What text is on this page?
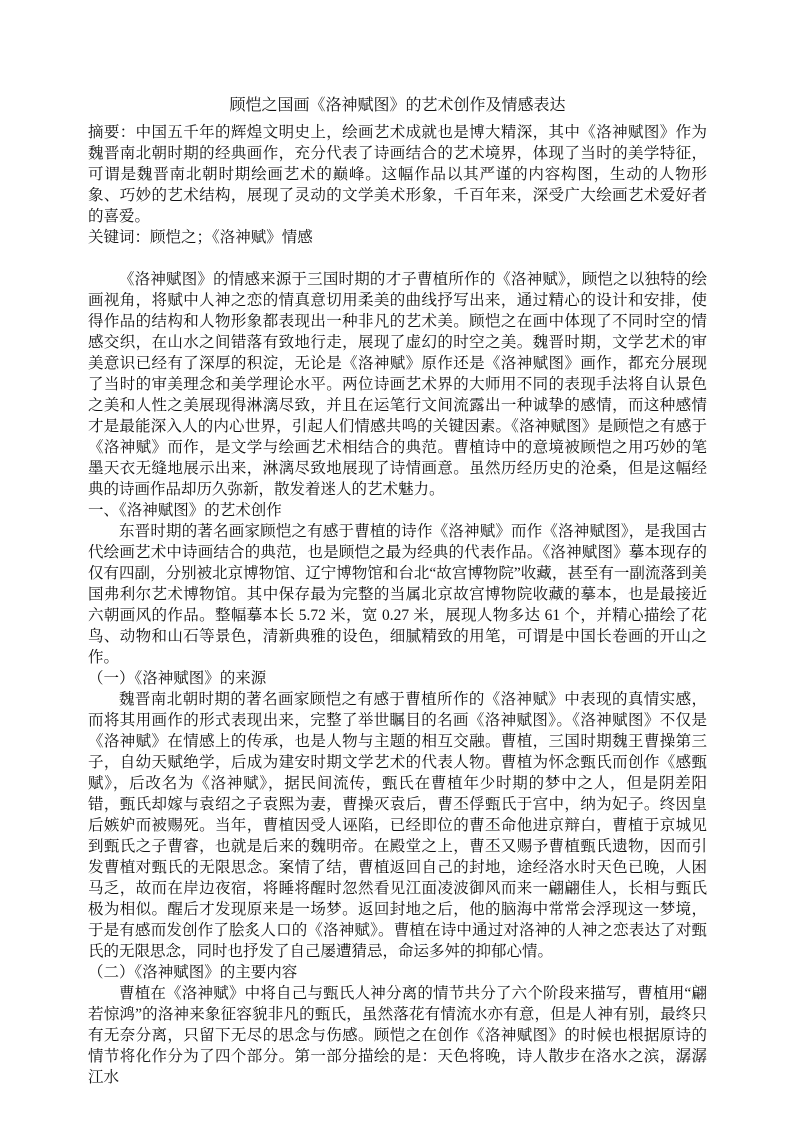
顾恺之国画《洛神赋图》的艺术创作及情感表达

摘要：中国五千年的辉煌文明史上，绘画艺术成就也是博大精深，其中《洛神赋图》作为魏晋南北朝时期的经典画作，充分代表了诗画结合的艺术境界，体现了当时的美学特征，可谓是魏晋南北朝时期绘画艺术的巅峰。这幅作品以其严谨的内容构图，生动的人物形象、巧妙的艺术结构，展现了灵动的文学美术形象，千百年来，深受广大绘画艺术爱好者的喜爱。

关键词：顾恺之；《洛神赋》情感

《洛神赋图》的情感来源于三国时期的才子曹植所作的《洛神赋》，顾恺之以独特的绘画视角，将赋中人神之恋的情真意切用柔美的曲线抒写出来，通过精心的设计和安排，使得作品的结构和人物形象都表现出一种非凡的艺术美。顾恺之在画中体现了不同时空的情感交织，在山水之间错落有致地行走，展现了虚幻的时空之美。魏晋时期，文学艺术的审美意识已经有了深厚的积淀，无论是《洛神赋》原作还是《洛神赋图》画作，都充分展现了当时的审美理念和美学理论水平。两位诗画艺术界的大师用不同的表现手法将自认景色之美和人性之美展现得淋漓尽致，并且在运笔行文间流露出一种诚挚的感情，而这种感情才是最能深入人的内心世界，引起人们情感共鸣的关键因素。《洛神赋图》是顾恺之有感于《洛神赋》而作，是文学与绘画艺术相结合的典范。曹植诗中的意境被顾恺之用巧妙的笔墨天衣无缝地展示出来，淋漓尽致地展现了诗情画意。虽然历经历史的沧桑，但是这幅经典的诗画作品却历久弥新，散发着迷人的艺术魅力。

一、《洛神赋图》的艺术创作

东晋时期的著名画家顾恺之有感于曹植的诗作《洛神赋》而作《洛神赋图》，是我国古代绘画艺术中诗画结合的典范，也是顾恺之最为经典的代表作品。《洛神赋图》摹本现存的仅有四副，分别被北京博物馆、辽宁博物馆和台北“故宫博物院”收藏，甚至有一副流落到美国弗利尔艺术博物馆。其中保存最为完整的当属北京故宫博物院收藏的摹本，也是最接近六朝画风的作品。整幅摹本长 5.72 米，宽 0.27 米，展现人物多达 61 个，并精心描绘了花鸟、动物和山石等景色，清新典雅的设色，细腻精致的用笔，可谓是中国长卷画的开山之作。

（一）《洛神赋图》的来源

魏晋南北朝时期的著名画家顾恺之有感于曹植所作的《洛神赋》中表现的真情实感，而将其用画作的形式表现出来，完整了举世瞩目的名画《洛神赋图》。《洛神赋图》不仅是《洛神赋》在情感上的传承，也是人物与主题的相互交融。曹植，三国时期魏王曹操第三子，自幼天赋绝学，后成为建安时期文学艺术的代表人物。曹植为怀念甄氏而创作《感甄赋》，后改名为《洛神赋》，据民间流传，甄氏在曹植年少时期的梦中之人，但是阴差阳错，甄氏却嫁与袁绍之子袁熙为妻，曹操灭袁后，曹丕俘甄氏于宫中，纳为妃子。终因皇后嫉妒而被赐死。当年，曹植因受人诬陷，已经即位的曹丕命他进京辩白，曹植于京城见到甄氏之子曹睿，也就是后来的魏明帝。在殿堂之上，曹丕又赐予曹植甄氏遗物，因而引发曹植对甄氏的无限思念。案情了结，曹植返回自己的封地，途经洛水时天色已晚，人困马乏，故而在岸边夜宿，将睡将醒时忽然看见江面凌波御风而来一翩翩佳人，长相与甄氏极为相似。醒后才发现原来是一场梦。返回封地之后，他的脑海中常常会浮现这一梦境，于是有感而发创作了脍炙人口的《洛神赋》。曹植在诗中通过对洛神的人神之恋表达了对甄氏的无限思念，同时也抒发了自己屡遭猜忌，命运多舛的抑郁心情。

（二）《洛神赋图》的主要内容

曹植在《洛神赋》中将自己与甄氏人神分离的情节共分了六个阶段来描写，曹植用“翩若惊鸿”的洛神来象征容貌非凡的甄氏，虽然落花有情流水亦有意，但是人神有别，最终只有无奈分离，只留下无尽的思念与伤感。顾恺之在创作《洛神赋图》的时候也根据原诗的情节将化作分为了四个部分。第一部分描绘的是：天色将晚，诗人散步在洛水之滨，潺潺江水
